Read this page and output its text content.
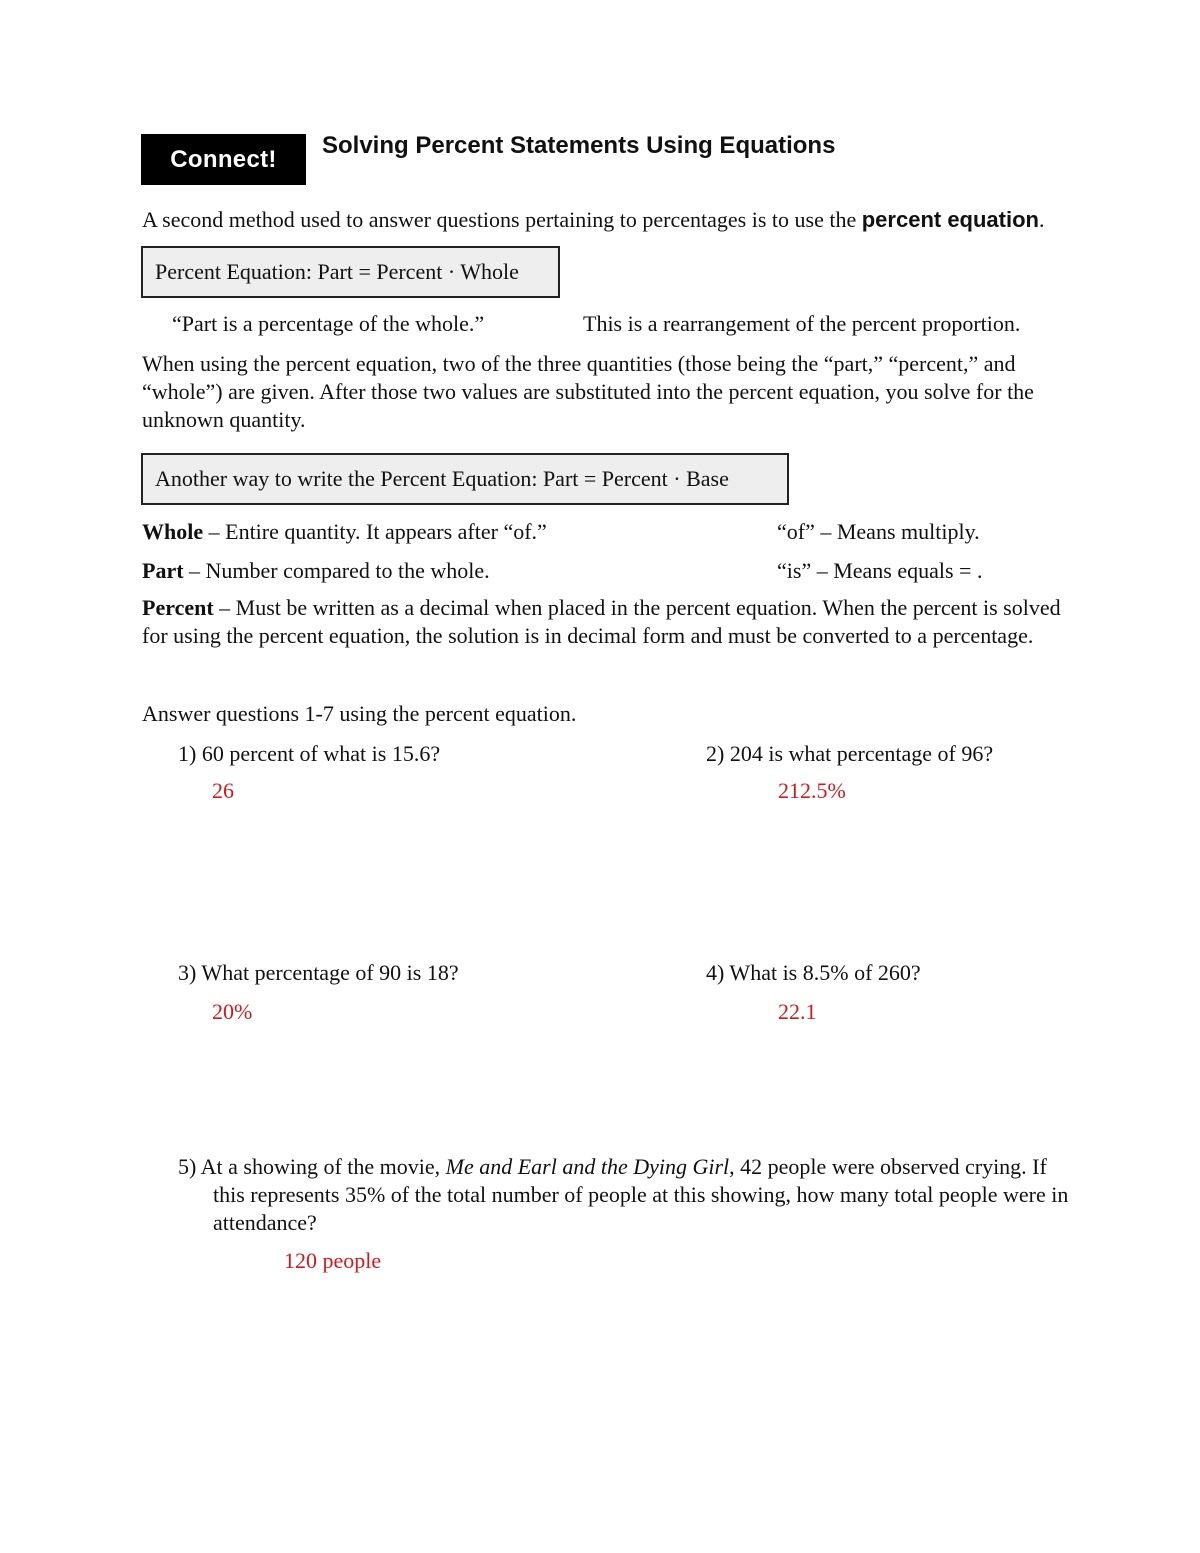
Connect!	Solving Percent Statements Using Equations
A second method used to answer questions pertaining to percentages is to use the percent equation.
Percent Equation: Part = Percent · Whole
“Part is a percentage of the whole.”	This is a rearrangement of the percent proportion.
When using the percent equation, two of the three quantities (those being the “part,” “percent,” and
“whole”) are given. After those two values are substituted into the percent equation, you solve for the
unknown quantity.
Another way to write the Percent Equation: Part = Percent · Base
Whole – Entire quantity. It appears after “of.”
Part – Number compared to the whole.
“of” – Means multiply.
“is” – Means equals = .
Percent – Must be written as a decimal when placed in the percent equation. When the percent is solved
for using the percent equation, the solution is in decimal form and must be converted to a percentage.
Answer questions 1-7 using the percent equation.
1) 60 percent of what is 15.6?
26
2) 204 is what percentage of 96?
212.5%
3) What percentage of 90 is 18?
20%
4) What is 8.5% of 260?
22.1
5) At a showing of the movie, Me and Earl and the Dying Girl, 42 people were observed crying. If
this represents 35% of the total number of people at this showing, how many total people were in
attendance?
120 people
